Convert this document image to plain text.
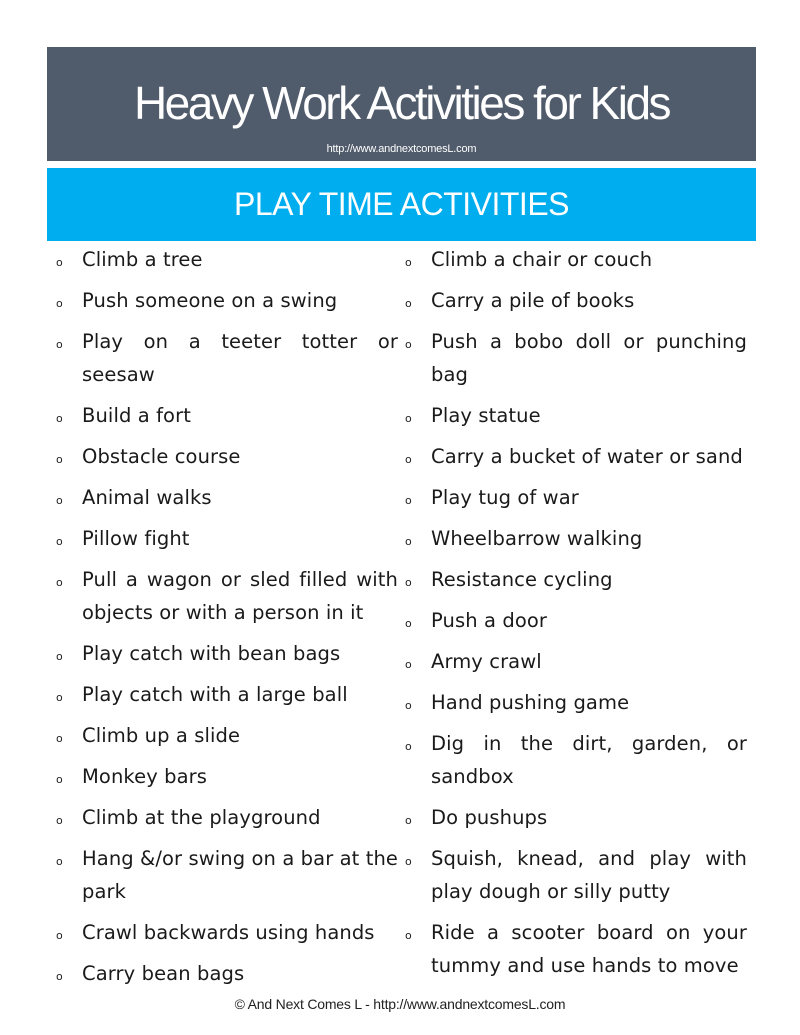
Heavy Work Activities for Kids
http://www.andnextcomesL.com
PLAY TIME ACTIVITIES
o Climb a tree
o Push someone on a swing
o Play on a teeter totter or seesaw
o Build a fort
o Obstacle course
o Animal walks
o Pillow fight
o Pull a wagon or sled filled with objects or with a person in it
o Play catch with bean bags
o Play catch with a large ball
o Climb up a slide
o Monkey bars
o Climb at the playground
o Hang &/or swing on a bar at the park
o Crawl backwards using hands
o Carry bean bags
o Climb a chair or couch
o Carry a pile of books
o Push a bobo doll or punching bag
o Play statue
o Carry a bucket of water or sand
o Play tug of war
o Wheelbarrow walking
o Resistance cycling
o Push a door
o Army crawl
o Hand pushing game
o Dig in the dirt, garden, or sandbox
o Do pushups
o Squish, knead, and play with play dough or silly putty
o Ride a scooter board on your tummy and use hands to move
© And Next Comes L - http://www.andnextcomesL.com
